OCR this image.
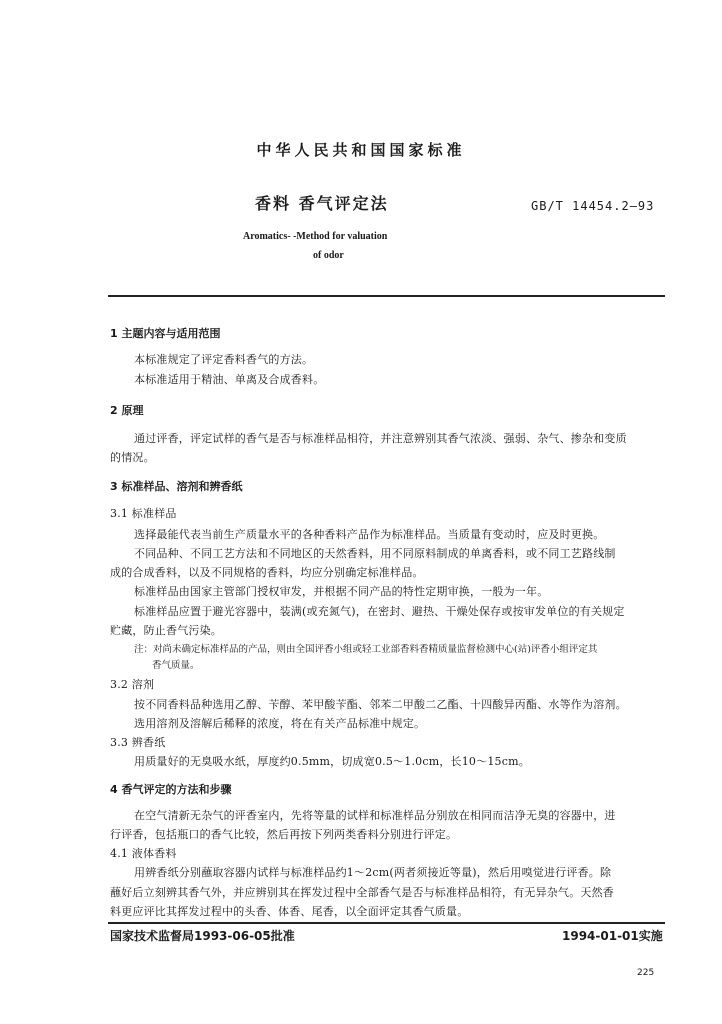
中华人民共和国国家标准
香料 香气评定法	GB/T 14454.2—93
Aromatics- -Method for valuation
of odor
1 主题内容与适用范围
本标准规定了评定香料香气的方法。
本标准适用于精油、单离及合成香料。
2 原理
通过评香，评定试样的香气是否与标准样品相符，并注意辨别其香气浓淡、强弱、杂气、掺杂和变质
的情况。
3 标准样品、溶剂和辨香纸
3.1 标准样品
选择最能代表当前生产质量水平的各种香料产品作为标准样品。当质量有变动时，应及时更换。
不同品种、不同工艺方法和不同地区的天然香料，用不同原料制成的单离香料，或不同工艺路线制
成的合成香料，以及不同规格的香料，均应分别确定标准样品。
标准样品由国家主管部门授权审发，并根据不同产品的特性定期审换，一般为一年。
标准样品应置于避光容器中，装满(或充氮气)，在密封、避热、干燥处保存或按审发单位的有关规定
贮藏，防止香气污染。
注：对尚未确定标准样品的产品，则由全国评香小组或轻工业部香料香精质量监督检测中心(站)评香小组评定其
香气质量。
3.2 溶剂
按不同香料品种选用乙醇、苄醇、苯甲酸苄酯、邻苯二甲酸二乙酯、十四酸异丙酯、水等作为溶剂。
选用溶剂及溶解后稀释的浓度，将在有关产品标准中规定。
3.3 辨香纸
用质量好的无臭吸水纸，厚度约0.5mm，切成宽0.5～1.0cm，长10～15cm。
4 香气评定的方法和步骤
在空气清新无杂气的评香室内，先将等量的试样和标准样品分别放在相同而洁净无臭的容器中，进
行评香，包括瓶口的香气比较，然后再按下列两类香料分别进行评定。
4.1 液体香料
用辨香纸分别蘸取容器内试样与标准样品约1～2cm(两者须接近等量)，然后用嗅觉进行评香。除
蘸好后立刻辨其香气外，并应辨别其在挥发过程中全部香气是否与标准样品相符，有无异杂气。天然香
料更应评比其挥发过程中的头香、体香、尾香，以全面评定其香气质量。
国家技术监督局1993-06-05批准	1994-01-01实施
225
